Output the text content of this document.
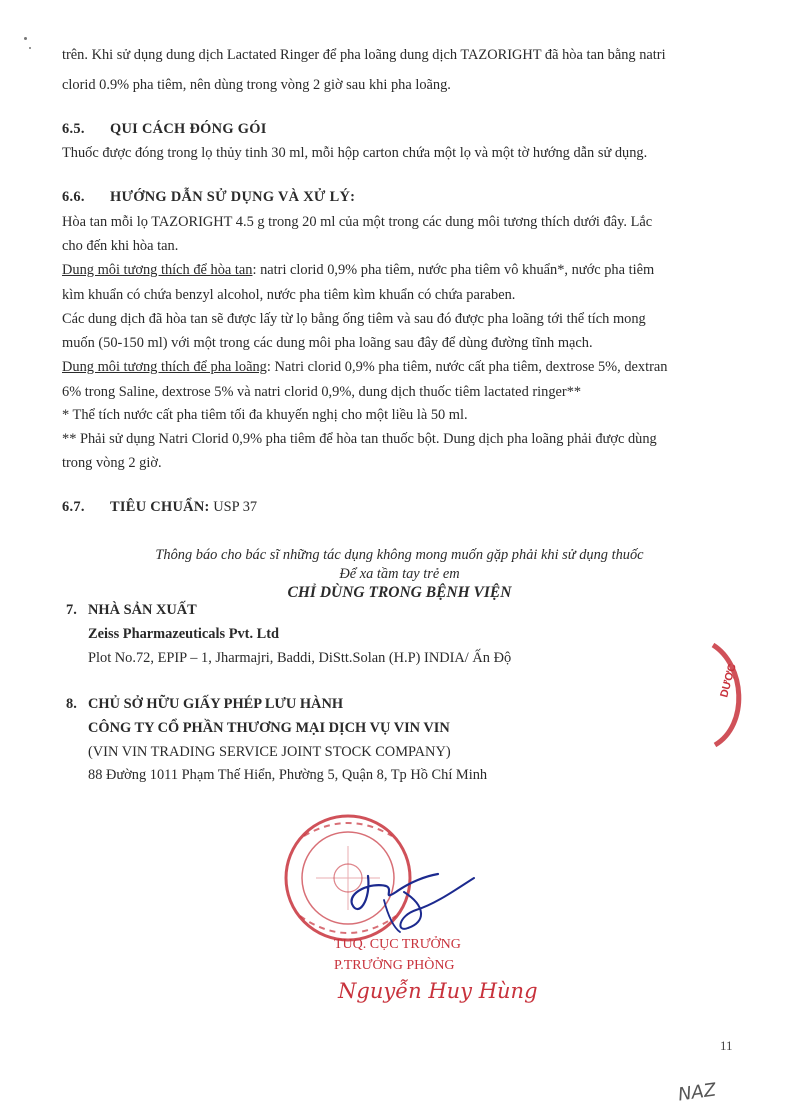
trên. Khi sử dụng dung dịch Lactated Ringer để pha loãng dung dịch TAZORIGHT đã hòa tan bằng natri
clorid 0.9% pha tiêm, nên dùng trong vòng 2 giờ sau khi pha loãng.
6.5. QUI CÁCH ĐÓNG GÓI
Thuốc được đóng trong lọ thủy tinh 30 ml, mỗi hộp carton chứa một lọ và một tờ hướng dẫn sử dụng.
6.6. HƯỚNG DẪN SỬ DỤNG VÀ XỬ LÝ:
Hòa tan mỗi lọ TAZORIGHT 4.5 g trong 20 ml của một trong các dung môi tương thích dưới đây. Lắc
cho đến khi hòa tan.
Dung môi tương thích để hòa tan: natri clorid 0,9% pha tiêm, nước pha tiêm vô khuẩn*, nước pha tiêm
kìm khuẩn có chứa benzyl alcohol, nước pha tiêm kìm khuẩn có chứa paraben.
Các dung dịch đã hòa tan sẽ được lấy từ lọ bằng ống tiêm và sau đó được pha loãng tới thể tích mong
muốn (50-150 ml) với một trong các dung môi pha loãng sau đây để dùng đường tĩnh mạch.
Dung môi tương thích để pha loãng: Natri clorid 0,9% pha tiêm, nước cất pha tiêm, dextrose 5%, dextran
6% trong Saline, dextrose 5% và natri clorid 0,9%, dung dịch thuốc tiêm lactated ringer**
* Thể tích nước cất pha tiêm tối đa khuyến nghị cho một liều là 50 ml.
** Phải sử dụng Natri Clorid 0,9% pha tiêm để hòa tan thuốc bột. Dung dịch pha loãng phải được dùng
trong vòng 2 giờ.
6.7. TIÊU CHUẨN: USP 37
Thông báo cho bác sĩ những tác dụng không mong muốn gặp phải khi sử dụng thuốc
Để xa tầm tay trẻ em
CHỈ DÙNG TRONG BỆNH VIỆN
7. NHÀ SẢN XUẤT
Zeiss Pharmazeuticals Pvt. Ltd
Plot No.72, EPIP – 1, Jharmajri, Baddi, DiStt.Solan (H.P) INDIA/ Ấn Độ
8. CHỦ SỞ HỮU GIẤY PHÉP LƯU HÀNH
CÔNG TY CỔ PHẦN THƯƠNG MẠI DỊCH VỤ VIN VIN
(VIN VIN TRADING SERVICE JOINT STOCK COMPANY)
88 Đường 1011 Phạm Thế Hiển, Phường 5, Quận 8, Tp Hồ Chí Minh
DƯỢC
TUQ. CỤC TRƯỞNG
P.TRƯỞNG PHÒNG
Nguyễn Huy Hùng
11
NAZ
